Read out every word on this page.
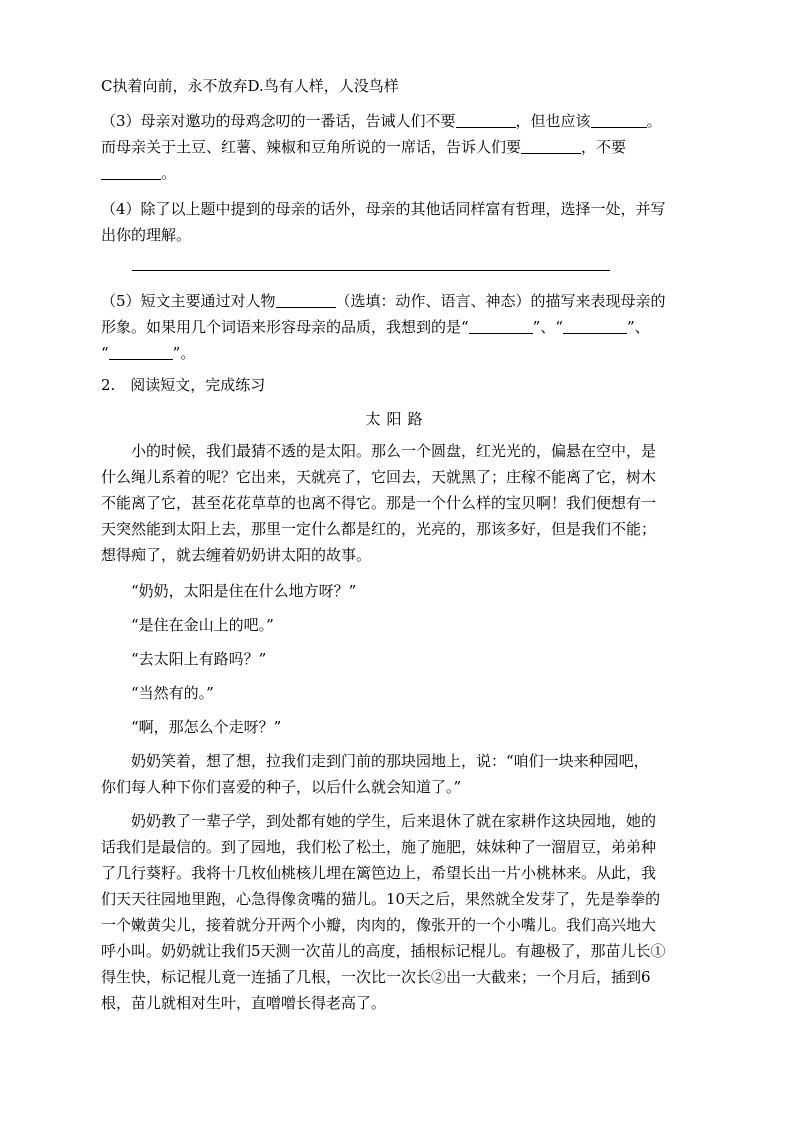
C执着向前，永不放弃D.鸟有人样，人没鸟样
（3）母亲对邀功的母鸡念叨的一番话，告诫人们不要	，但也应该	。
而母亲关于土豆、红薯、辣椒和豆角所说的一席话，告诉人们要	，不要
。
（4）除了以上题中提到的母亲的话外，母亲的其他话同样富有哲理，选择一处，并写
出你的理解。
（5）短文主要通过对人物	（选填：动作、语言、神态）的描写来表现母亲的
形象。如果用几个词语来形容母亲的品质，我想到的是“	”、“	”、
“	”。
2.　阅读短文，完成练习
太阳路
　　小的时候，我们最猜不透的是太阳。那么一个圆盘，红光光的，偏悬在空中，是
什么绳儿系着的呢？它出来，天就亮了，它回去，天就黑了；庄稼不能离了它，树木
不能离了它，甚至花花草草的也离不得它。那是一个什么样的宝贝啊！我们便想有一
天突然能到太阳上去，那里一定什么都是红的，光亮的，那该多好，但是我们不能；
想得痴了，就去缠着奶奶讲太阳的故事。
　　“奶奶，太阳是住在什么地方呀？”
　　“是住在金山上的吧。”
　　“去太阳上有路吗？”
　　“当然有的。”
　　“啊，那怎么个走呀？”
　　奶奶笑着，想了想，拉我们走到门前的那块园地上，说：“咱们一块来种园吧，
你们每人种下你们喜爱的种子，以后什么就会知道了。”
　　奶奶教了一辈子学，到处都有她的学生，后来退休了就在家耕作这块园地，她的
话我们是最信的。到了园地，我们松了松土，施了施肥，妹妹种了一溜眉豆，弟弟种
了几行葵籽。我将十几枚仙桃核儿埋在篱笆边上，希望长出一片小桃林来。从此，我
们天天往园地里跑，心急得像贪嘴的猫儿。10天之后，果然就全发芽了，先是拳拳的
一个嫩黄尖儿，接着就分开两个小瓣，肉肉的，像张开的一个小嘴儿。我们高兴地大
呼小叫。奶奶就让我们5天测一次苗儿的高度，插根标记棍儿。有趣极了，那苗儿长①
得生快，标记棍儿竟一连插了几根，一次比一次长②出一大截来；一个月后，插到6
根，苗儿就相对生叶，直噌噌长得老高了。
